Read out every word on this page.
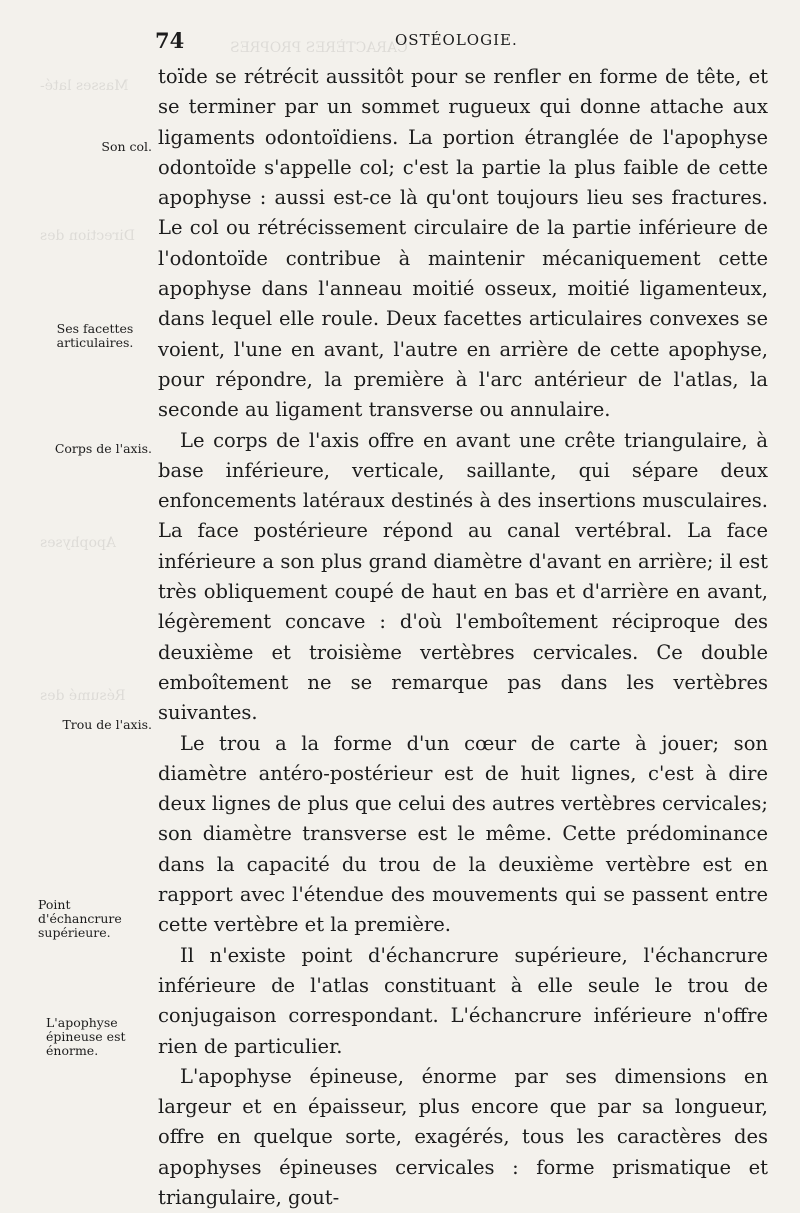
Masses laté-
Direction des
Apophyses
Résumé des
CARACTÈRES PROPRES
74	OSTÉOLOGIE.
Son col.
Ses facettes articulaires.
Corps de l'axis.
Trou de l'axis.
Point d'échancrure supérieure.
L'apophyse épineuse est énorme.

toïde se rétrécit aussitôt pour se renfler en forme de tête, et se terminer par un sommet rugueux qui donne attache aux ligaments odontoïdiens. La portion étranglée de l'apophyse odontoïde s'appelle col; c'est la partie la plus faible de cette apophyse : aussi est-ce là qu'ont toujours lieu ses fractures. Le col ou rétrécissement circulaire de la partie inférieure de l'odontoïde contribue à maintenir mécaniquement cette apophyse dans l'anneau moitié osseux, moitié ligamenteux, dans lequel elle roule. Deux facettes articulaires convexes se voient, l'une en avant, l'autre en arrière de cette apophyse, pour répondre, la première à l'arc antérieur de l'atlas, la seconde au ligament transverse ou annulaire.

Le corps de l'axis offre en avant une crête triangulaire, à base inférieure, verticale, saillante, qui sépare deux enfoncements latéraux destinés à des insertions musculaires. La face postérieure répond au canal vertébral. La face inférieure a son plus grand diamètre d'avant en arrière; il est très obliquement coupé de haut en bas et d'arrière en avant, légèrement concave : d'où l'emboîtement réciproque des deuxième et troisième vertèbres cervicales. Ce double emboîtement ne se remarque pas dans les vertèbres suivantes.

Le trou a la forme d'un cœur de carte à jouer; son diamètre antéro-postérieur est de huit lignes, c'est à dire deux lignes de plus que celui des autres vertèbres cervicales; son diamètre transverse est le même. Cette prédominance dans la capacité du trou de la deuxième vertèbre est en rapport avec l'étendue des mouvements qui se passent entre cette vertèbre et la première.

Il n'existe point d'échancrure supérieure, l'échancrure inférieure de l'atlas constituant à elle seule le trou de conjugaison correspondant. L'échancrure inférieure n'offre rien de particulier.

L'apophyse épineuse, énorme par ses dimensions en largeur et en épaisseur, plus encore que par sa longueur, offre en quelque sorte, exagérés, tous les caractères des apophyses épineuses cervicales : forme prismatique et triangulaire, gout-
